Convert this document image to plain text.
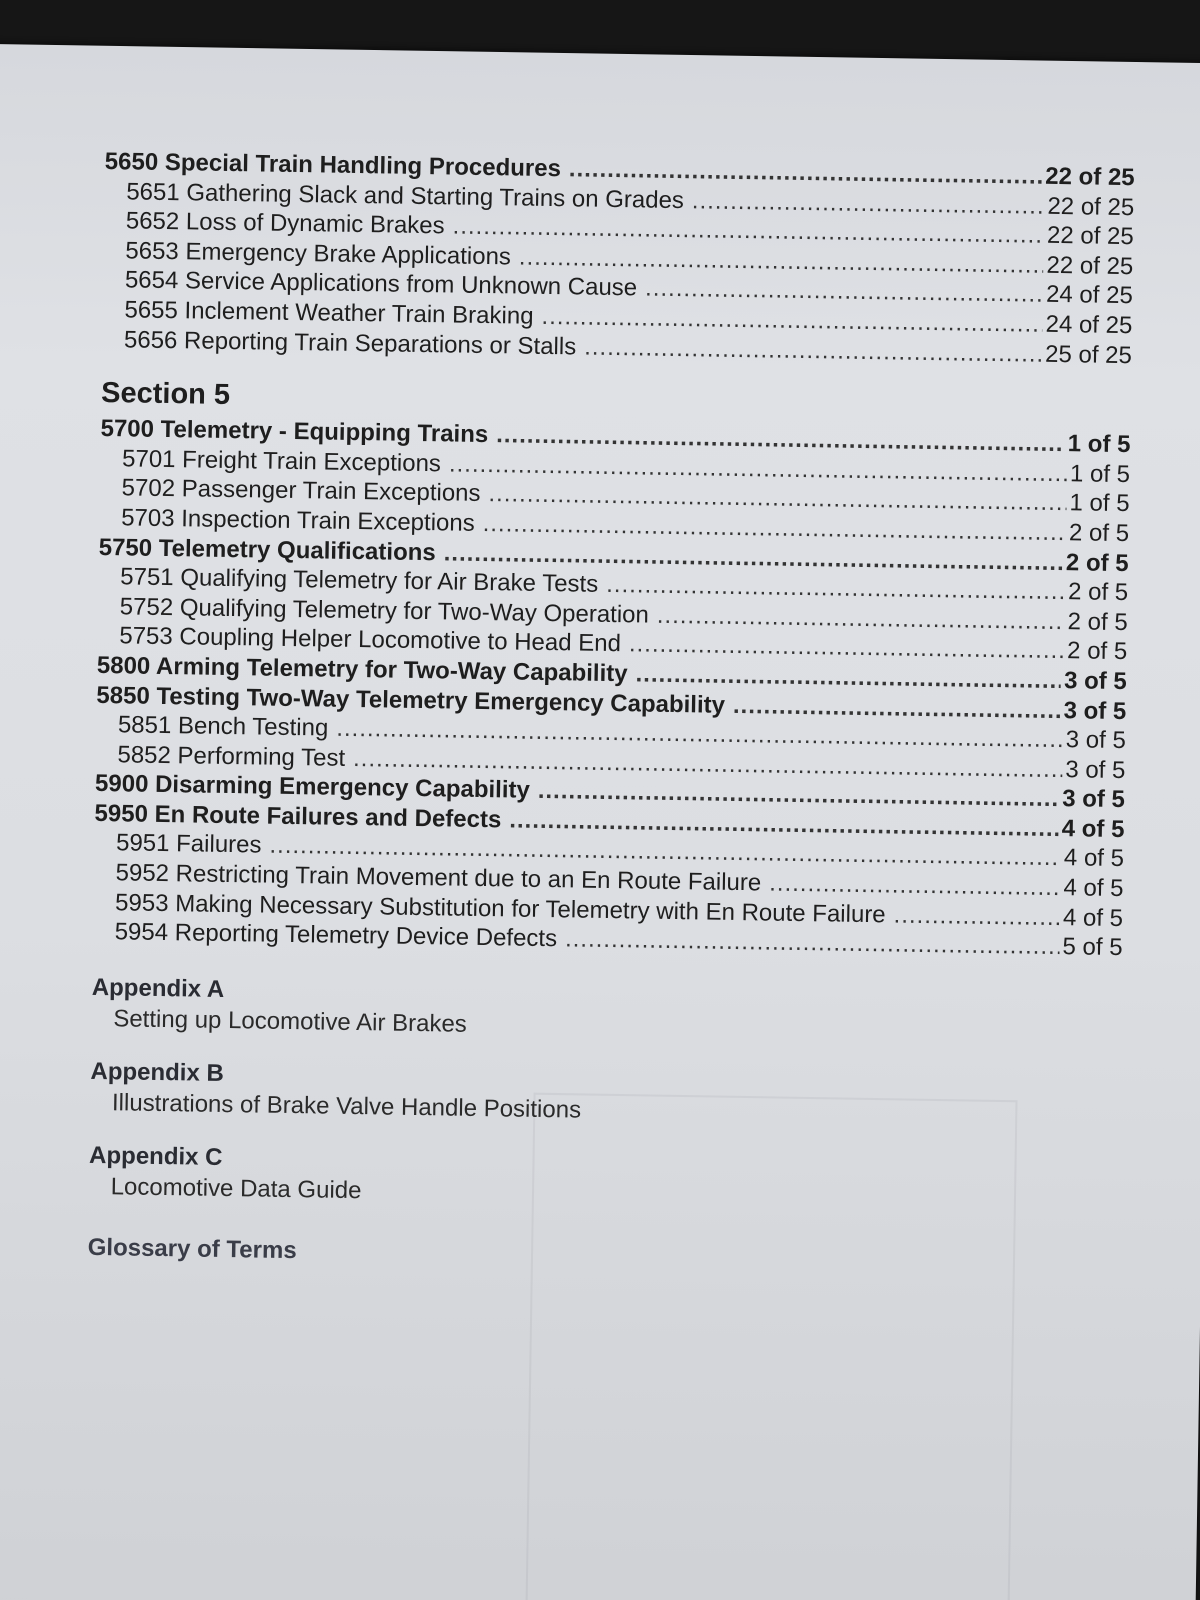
5650 Special Train Handling Procedures .....	22 of 25
5651 Gathering Slack and Starting Trains on Grades .....	22 of 25
5652 Loss of Dynamic Brakes .....	22 of 25
5653 Emergency Brake Applications .....	22 of 25
5654 Service Applications from Unknown Cause .....	24 of 25
5655 Inclement Weather Train Braking .....	24 of 25
5656 Reporting Train Separations or Stalls .....	25 of 25
Section 5
5700 Telemetry - Equipping Trains .....	1 of 5
5701 Freight Train Exceptions .....	1 of 5
5702 Passenger Train Exceptions .....	1 of 5
5703 Inspection Train Exceptions .....	2 of 5
5750 Telemetry Qualifications .....	2 of 5
5751 Qualifying Telemetry for Air Brake Tests .....	2 of 5
5752 Qualifying Telemetry for Two-Way Operation .....	2 of 5
5753 Coupling Helper Locomotive to Head End .....	2 of 5
5800 Arming Telemetry for Two-Way Capability .....	3 of 5
5850 Testing Two-Way Telemetry Emergency Capability .....	3 of 5
5851 Bench Testing .....	3 of 5
5852 Performing Test .....	3 of 5
5900 Disarming Emergency Capability .....	3 of 5
5950 En Route Failures and Defects .....	4 of 5
5951 Failures .....	4 of 5
5952 Restricting Train Movement due to an En Route Failure .....	4 of 5
5953 Making Necessary Substitution for Telemetry with En Route Failure .....	4 of 5
5954 Reporting Telemetry Device Defects .....	5 of 5
Appendix A
Setting up Locomotive Air Brakes
Appendix B
Illustrations of Brake Valve Handle Positions
Appendix C
Locomotive Data Guide
Glossary of Terms
